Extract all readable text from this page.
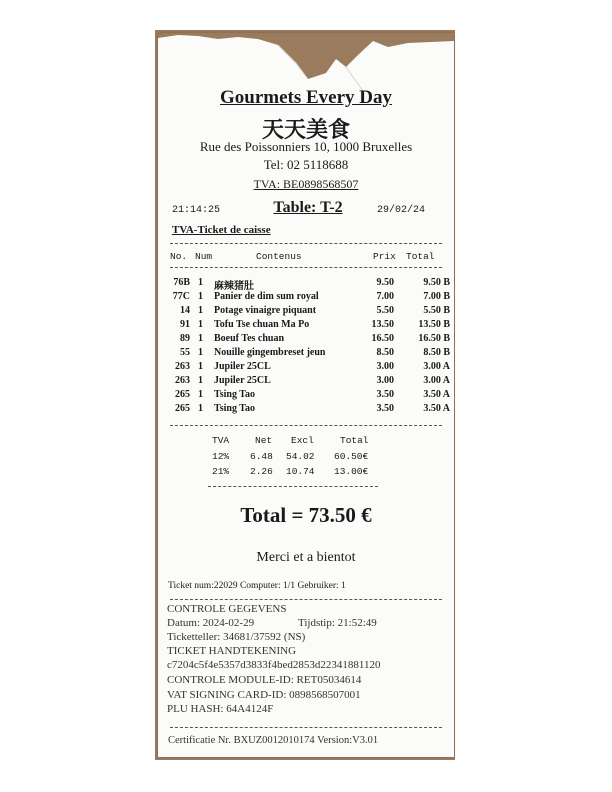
Gourmets Every Day
天天美食
Rue des Poissonniers 10, 1000 Bruxelles
Tel: 02 5118688
TVA: BE0898568507
21:14:25	Table: T-2	29/02/24
TVA-Ticket de caisse
No. Num	Contenus	Prix Total
76B 1 麻辣猪肚	9.50	9.50 B
77C 1 Panier de dim sum royal	7.00	7.00 B
14 1 Potage vinaigre piquant	5.50	5.50 B
91 1 Tofu Tse chuan Ma Po	13.50	13.50 B
89 1 Boeuf Tes chuan	16.50	16.50 B
55 1 Nouille gingembreset jeun	8.50	8.50 B
263 1 Jupiler 25CL	3.00	3.00 A
263 1 Jupiler 25CL	3.00	3.00 A
265 1 Tsing Tao	3.50	3.50 A
265 1 Tsing Tao	3.50	3.50 A
TVA	Net Excl	Total
12% 6.48 54.02 60.50€
21% 2.26 10.74 13.00€
Total = 73.50 €
Merci et a bientot
Ticket num:22029 Computer: 1/1 Gebruiker: 1
CONTROLE GEGEVENS
Datum: 2024-02-29	Tijdstip: 21:52:49
Ticketteller: 34681/37592 (NS)
TICKET HANDTEKENING
c7204c5f4e5357d3833f4bed2853d22341881120
CONTROLE MODULE-ID: RET05034614
VAT SIGNING CARD-ID: 0898568507001
PLU HASH: 64A4124F
Certificatie Nr. BXUZ0012010174 Version:V3.01
